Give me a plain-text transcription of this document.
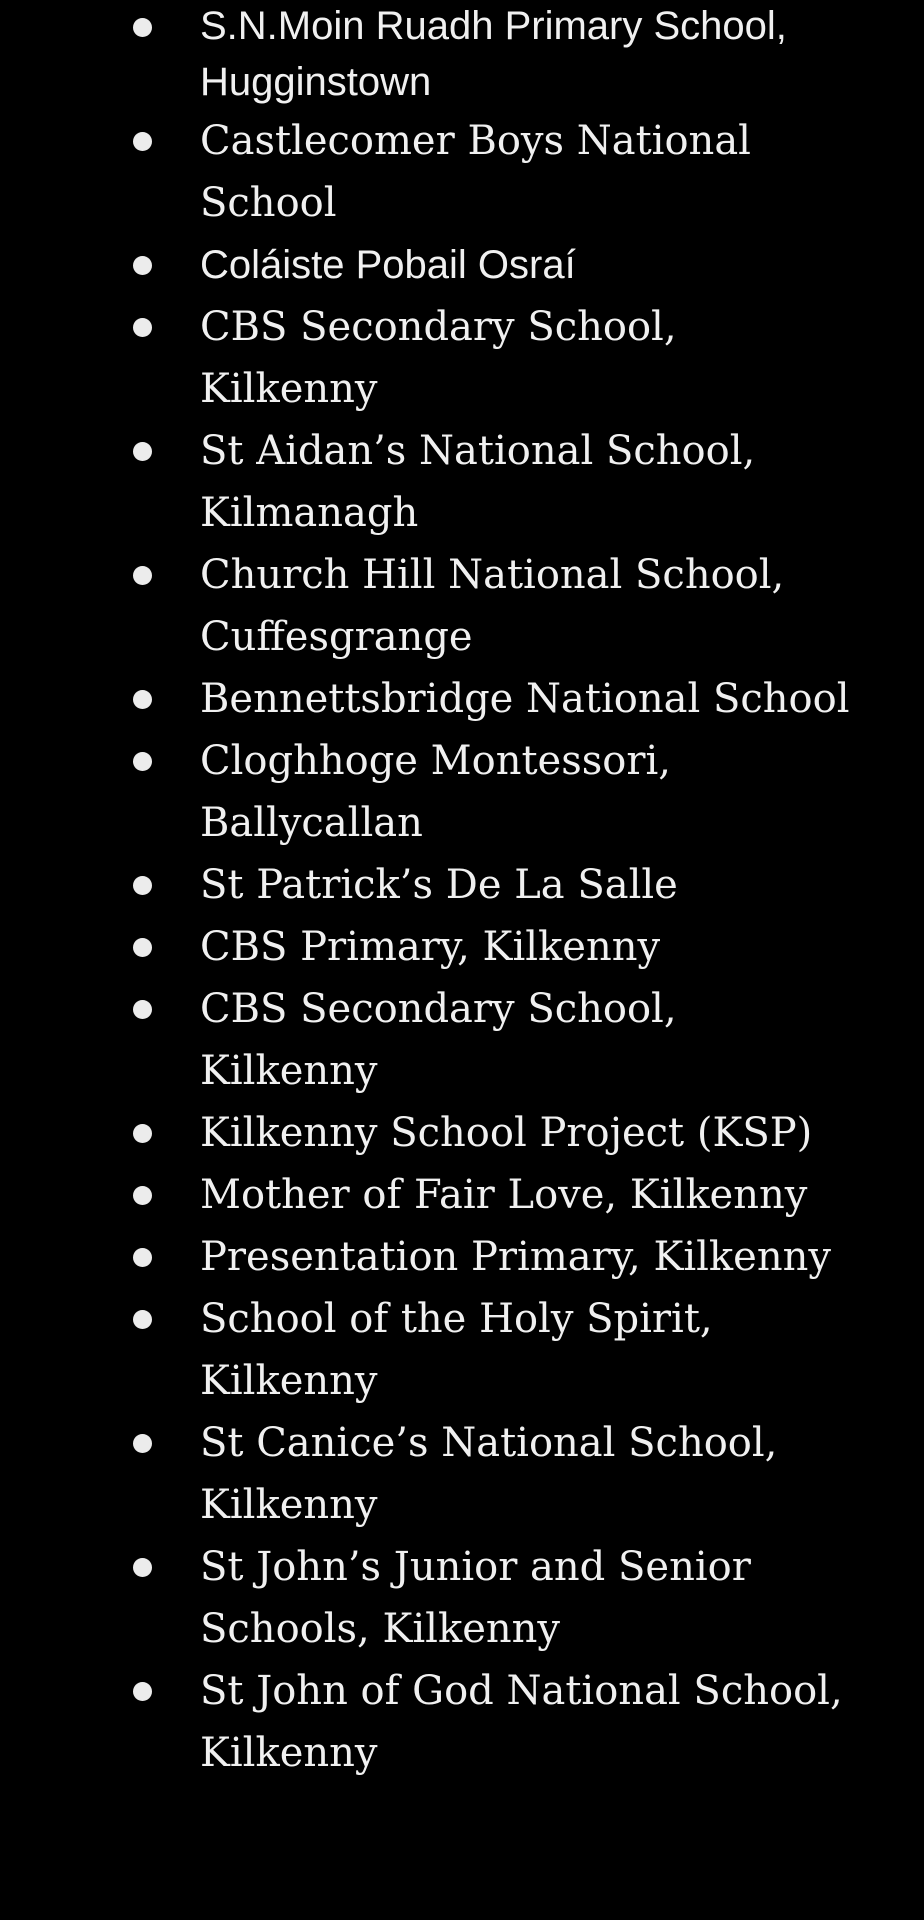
S.N.Moin Ruadh Primary School, Hugginstown
Castlecomer Boys National School
Coláiste Pobail Osraí
CBS Secondary School, Kilkenny
St Aidan’s National School, Kilmanagh
Church Hill National School, Cuffesgrange
Bennettsbridge National School
Cloghhoge Montessori, Ballycallan
St Patrick’s De La Salle
CBS Primary, Kilkenny
CBS Secondary School, Kilkenny
Kilkenny School Project (KSP)
Mother of Fair Love, Kilkenny
Presentation Primary, Kilkenny
School of the Holy Spirit, Kilkenny
St Canice’s National School, Kilkenny
St John’s Junior and Senior Schools, Kilkenny
St John of God National School, Kilkenny
